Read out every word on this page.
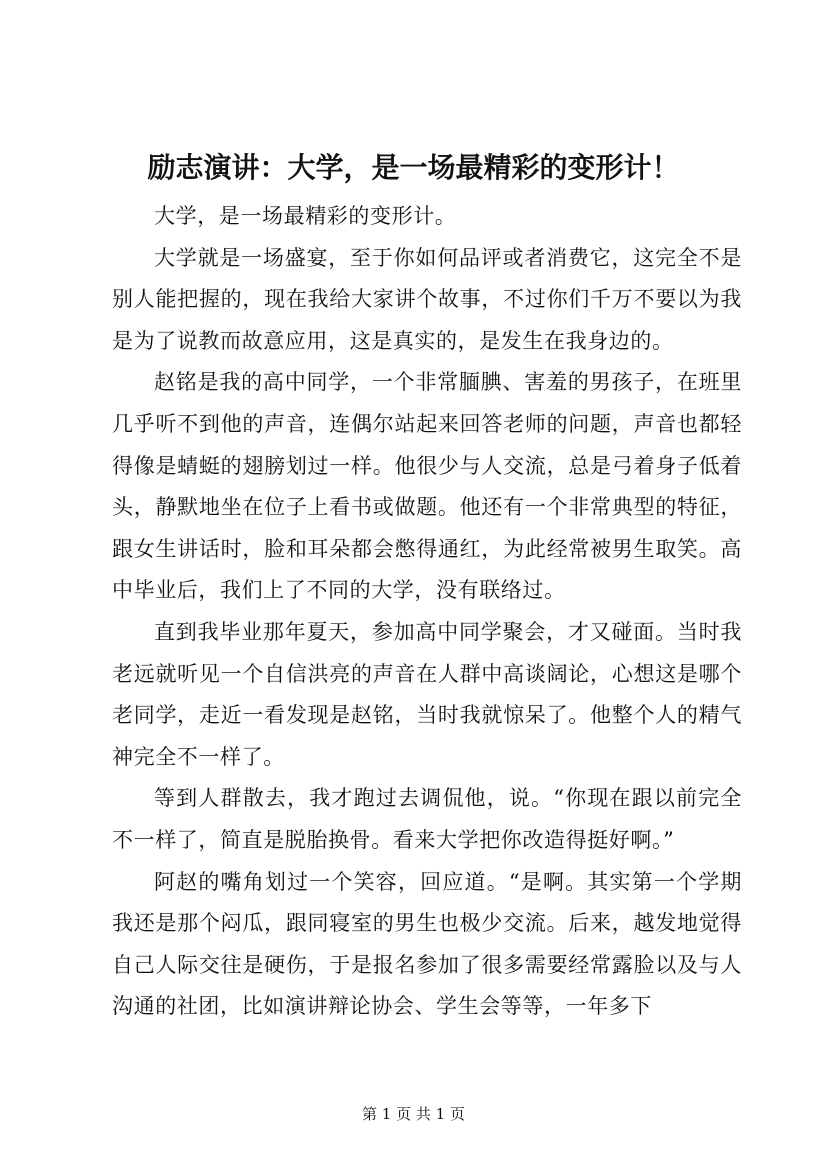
励志演讲：大学，是一场最精彩的变形计！

大学，是一场最精彩的变形计。

大学就是一场盛宴，至于你如何品评或者消费它，这完全不是别人能把握的，现在我给大家讲个故事，不过你们千万不要以为我是为了说教而故意应用，这是真实的，是发生在我身边的。

赵铭是我的高中同学，一个非常腼腆、害羞的男孩子，在班里几乎听不到他的声音，连偶尔站起来回答老师的问题，声音也都轻得像是蜻蜓的翅膀划过一样。他很少与人交流，总是弓着身子低着头，静默地坐在位子上看书或做题。他还有一个非常典型的特征，跟女生讲话时，脸和耳朵都会憋得通红，为此经常被男生取笑。高中毕业后，我们上了不同的大学，没有联络过。

直到我毕业那年夏天，参加高中同学聚会，才又碰面。当时我老远就听见一个自信洪亮的声音在人群中高谈阔论，心想这是哪个老同学，走近一看发现是赵铭，当时我就惊呆了。他整个人的精气神完全不一样了。

等到人群散去，我才跑过去调侃他，说。“你现在跟以前完全不一样了，简直是脱胎换骨。看来大学把你改造得挺好啊。”

阿赵的嘴角划过一个笑容，回应道。“是啊。其实第一个学期我还是那个闷瓜，跟同寝室的男生也极少交流。后来，越发地觉得自己人际交往是硬伤，于是报名参加了很多需要经常露脸以及与人沟通的社团，比如演讲辩论协会、学生会等等，一年多下

第 1 页 共 1 页
